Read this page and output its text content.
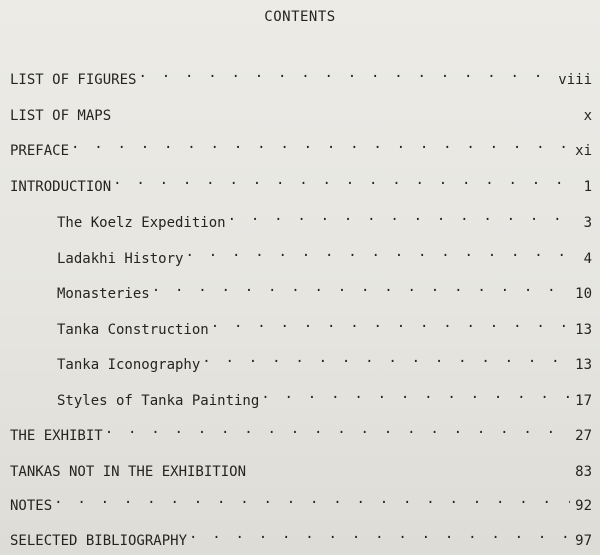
CONTENTS
LIST OF FIGURES . . .	viii
LIST OF MAPS	x
PREFACE . . .	xi
INTRODUCTION . . .	1
The Koelz Expedition . . .	3
Ladakhi History . . .	4
Monasteries . . .	10
Tanka Construction . . .	13
Tanka Iconography . . .	13
Styles of Tanka Painting . . .	17
THE EXHIBIT . . .	27
TANKAS NOT IN THE EXHIBITION	83
NOTES . . .	92
SELECTED BIBLIOGRAPHY . . .	97
